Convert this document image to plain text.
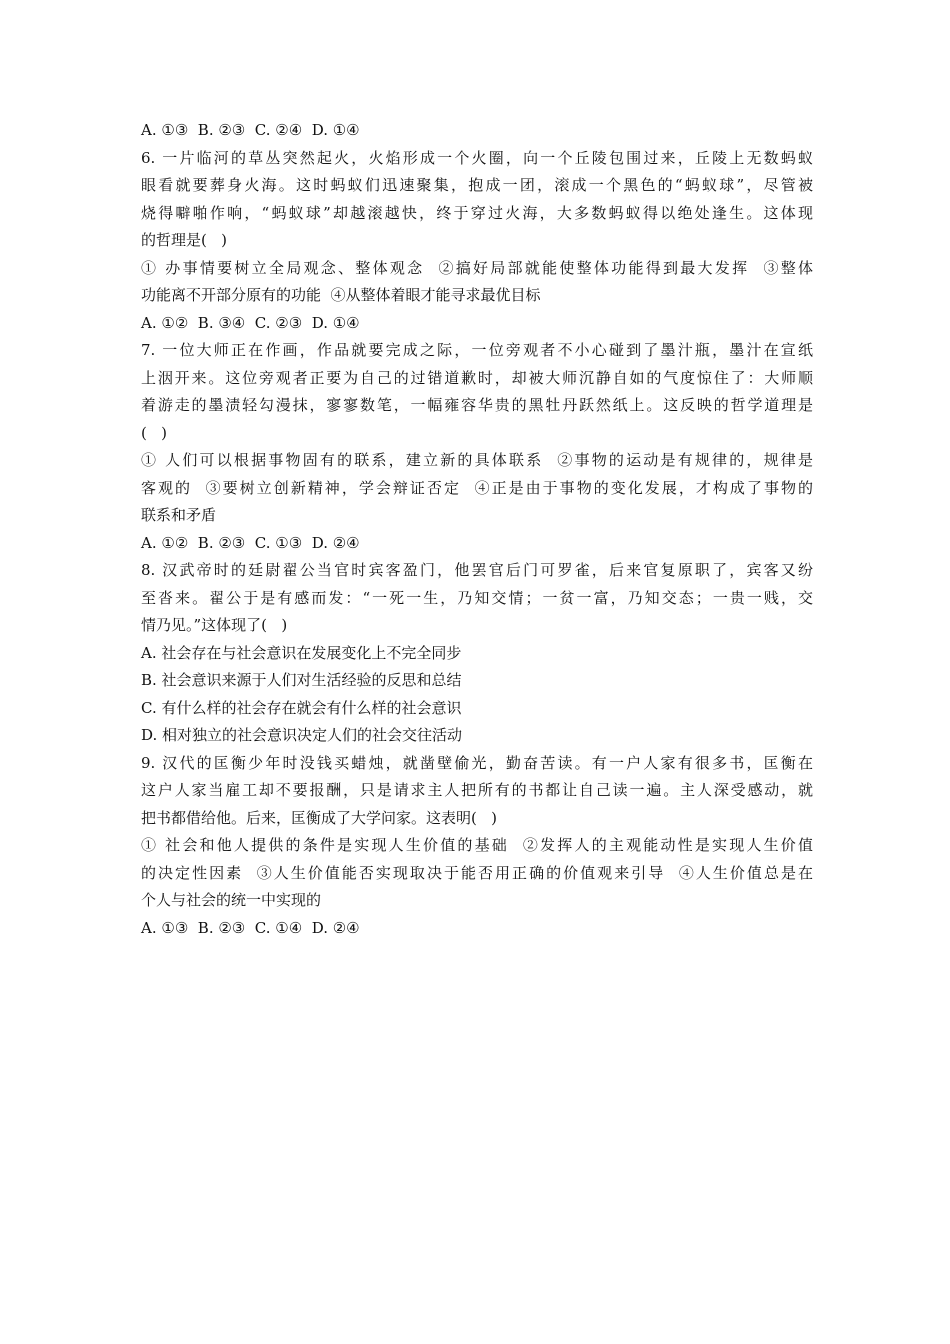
A. ①③  B. ②③  C. ②④  D. ①④
6. 一片临河的草丛突然起火，火焰形成一个火圈，向一个丘陵包围过来，丘陵上无数蚂蚁
眼看就要葬身火海。这时蚂蚁们迅速聚集，抱成一团，滚成一个黑色的“蚂蚁球”，尽管被
烧得噼啪作响，“蚂蚁球”却越滚越快，终于穿过火海，大多数蚂蚁得以绝处逢生。这体现
的哲理是(   )
① 办事情要树立全局观念、整体观念  ②搞好局部就能使整体功能得到最大发挥  ③整体
功能离不开部分原有的功能  ④从整体着眼才能寻求最优目标
A. ①②  B. ③④  C. ②③  D. ①④
7. 一位大师正在作画，作品就要完成之际，一位旁观者不小心碰到了墨汁瓶，墨汁在宣纸
上洇开来。这位旁观者正要为自己的过错道歉时，却被大师沉静自如的气度惊住了：大师顺
着游走的墨渍轻勾漫抹，寥寥数笔，一幅雍容华贵的黑牡丹跃然纸上。这反映的哲学道理是
(   )
① 人们可以根据事物固有的联系，建立新的具体联系  ②事物的运动是有规律的，规律是
客观的  ③要树立创新精神，学会辩证否定  ④正是由于事物的变化发展，才构成了事物的
联系和矛盾
A. ①②  B. ②③  C. ①③  D. ②④
8. 汉武帝时的廷尉翟公当官时宾客盈门，他罢官后门可罗雀，后来官复原职了，宾客又纷
至沓来。翟公于是有感而发：“一死一生，乃知交情；一贫一富，乃知交态；一贵一贱，交
情乃见。”这体现了(   )
A. 社会存在与社会意识在发展变化上不完全同步
B. 社会意识来源于人们对生活经验的反思和总结
C. 有什么样的社会存在就会有什么样的社会意识
D. 相对独立的社会意识决定人们的社会交往活动
9. 汉代的匡衡少年时没钱买蜡烛，就凿壁偷光，勤奋苦读。有一户人家有很多书，匡衡在
这户人家当雇工却不要报酬，只是请求主人把所有的书都让自己读一遍。主人深受感动，就
把书都借给他。后来，匡衡成了大学问家。这表明(   )
① 社会和他人提供的条件是实现人生价值的基础  ②发挥人的主观能动性是实现人生价值
的决定性因素  ③人生价值能否实现取决于能否用正确的价值观来引导  ④人生价值总是在
个人与社会的统一中实现的
A. ①③  B. ②③  C. ①④  D. ②④
